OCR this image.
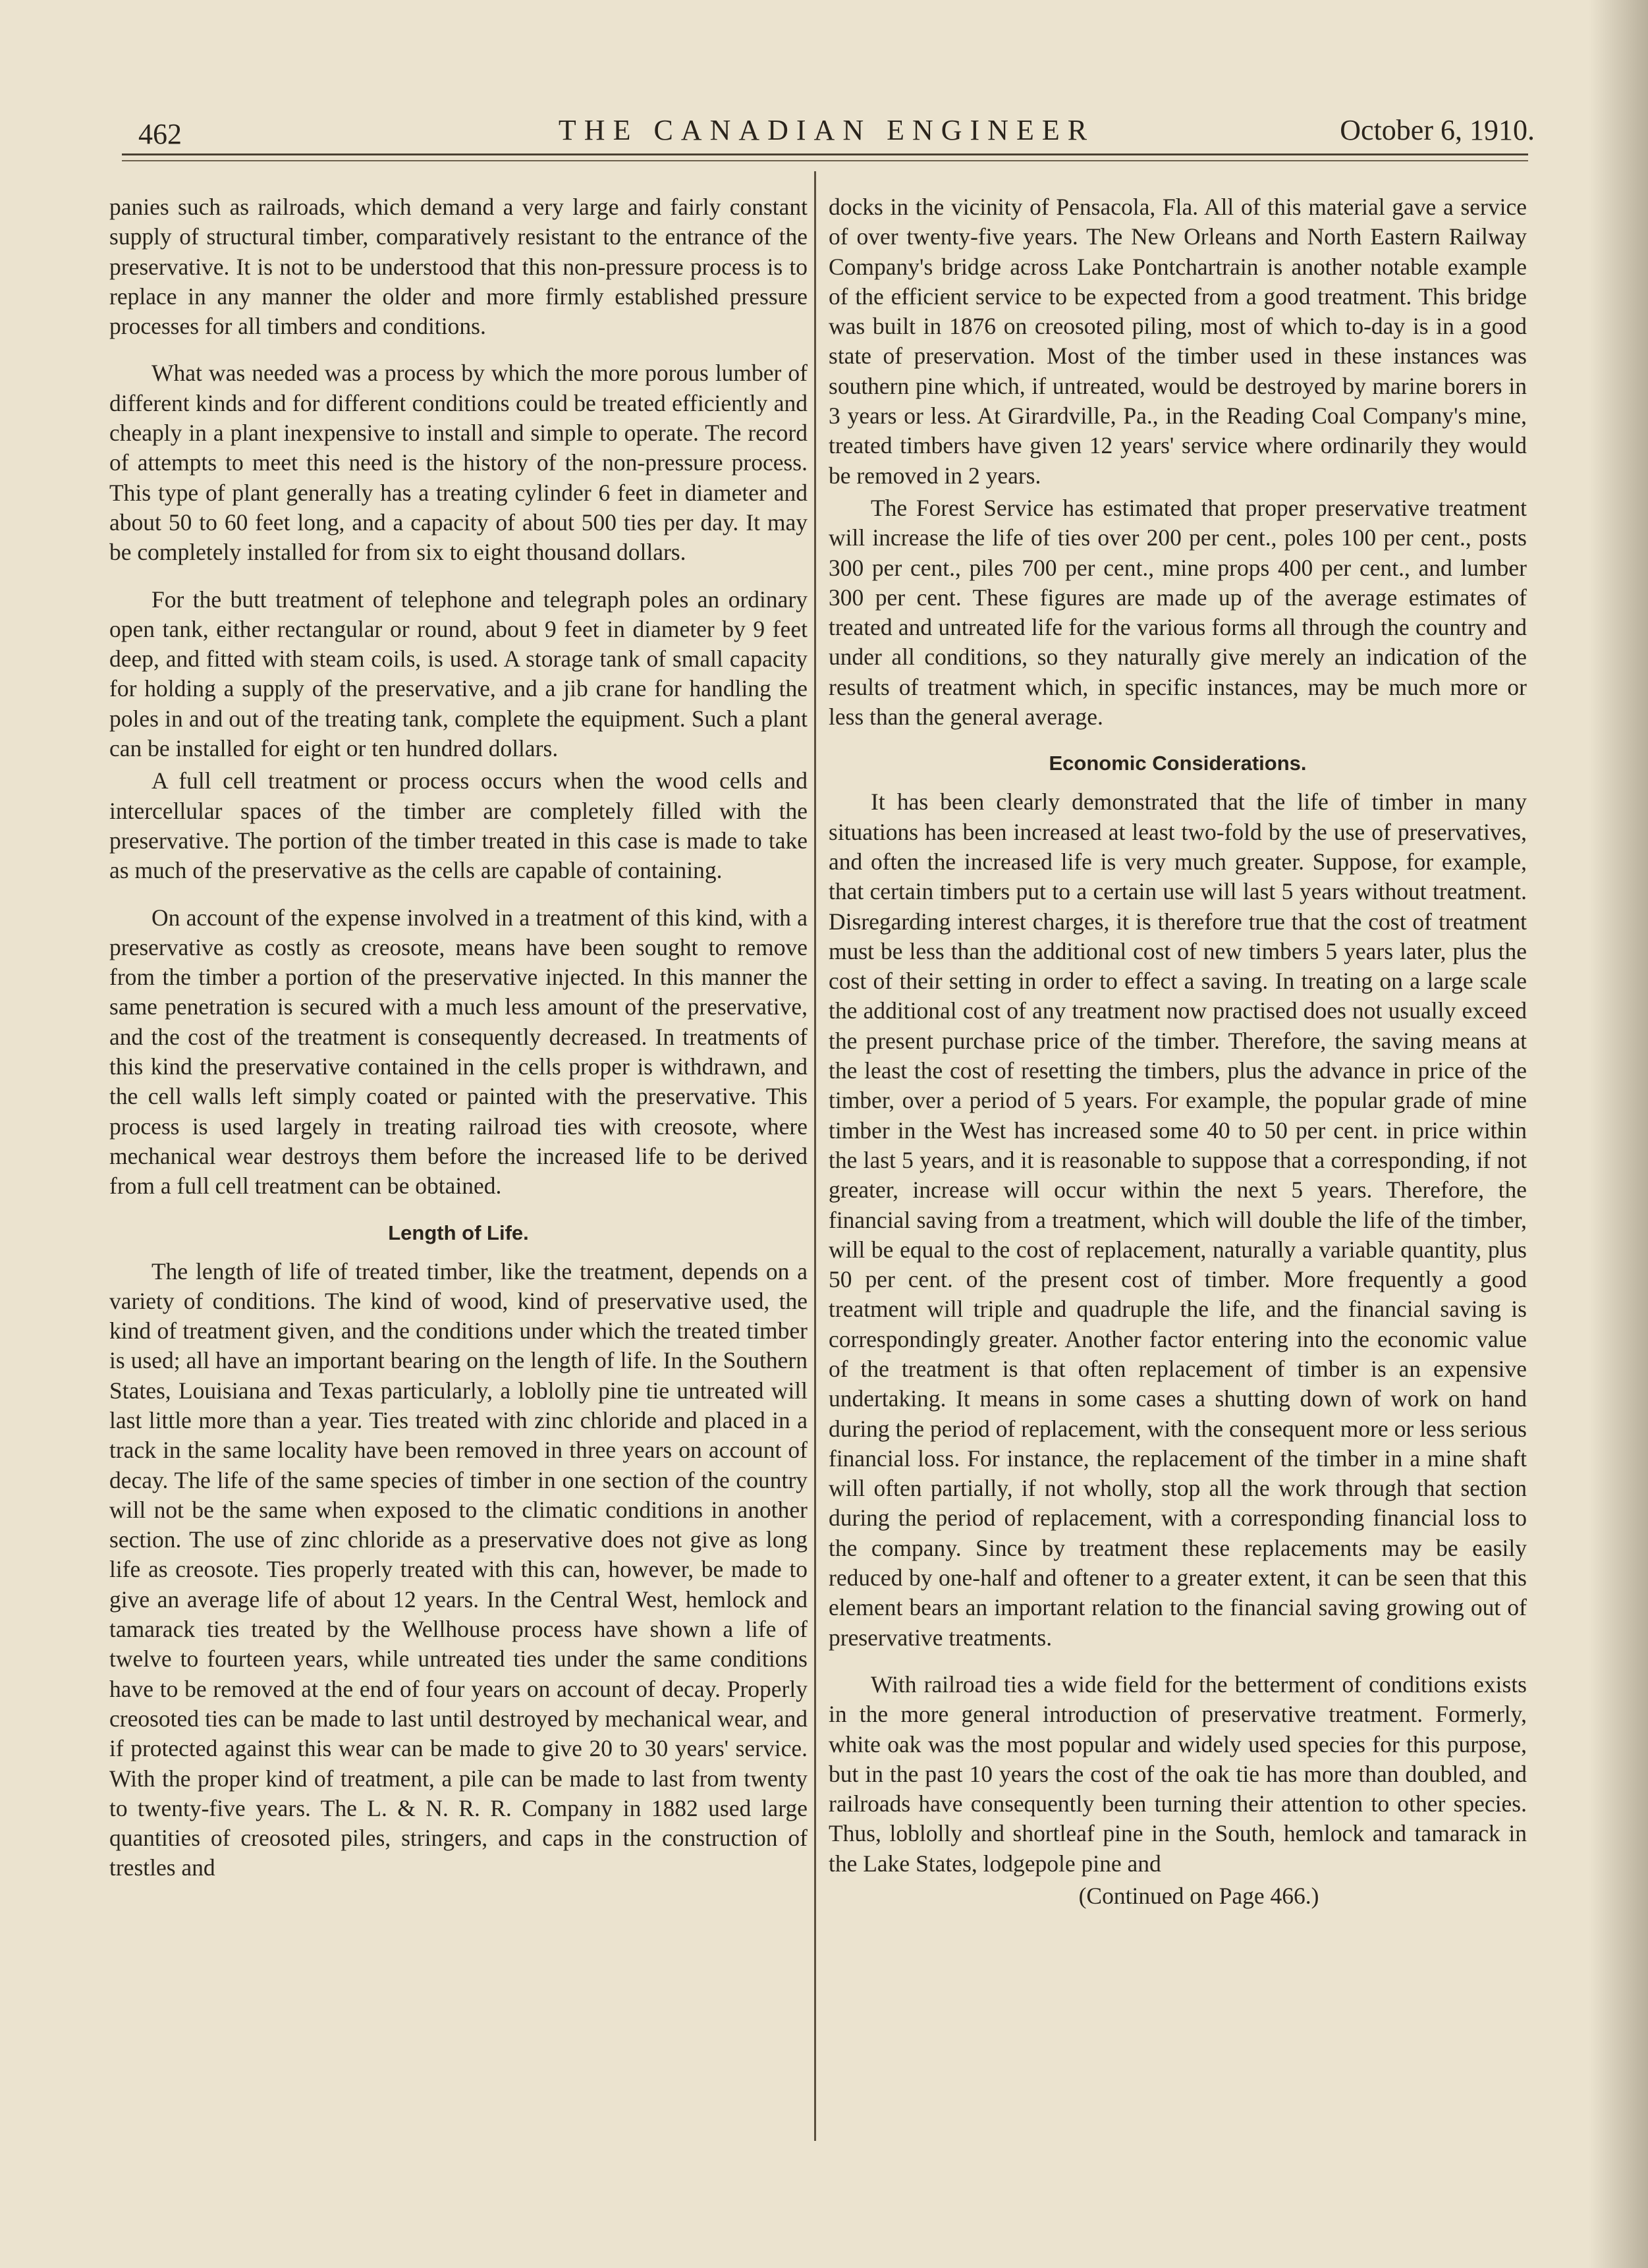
462	THE CANADIAN ENGINEER	October 6, 1910.

panies such as railroads, which demand a very large and fairly constant supply of structural timber, comparatively resistant to the entrance of the preservative. It is not to be understood that this non-pressure process is to replace in any manner the older and more firmly established pressure processes for all timbers and conditions.

What was needed was a process by which the more porous lumber of different kinds and for different conditions could be treated efficiently and cheaply in a plant inexpensive to install and simple to operate. The record of attempts to meet this need is the history of the non-pressure process. This type of plant generally has a treating cylinder 6 feet in diameter and about 50 to 60 feet long, and a capacity of about 500 ties per day. It may be completely installed for from six to eight thousand dollars.

For the butt treatment of telephone and telegraph poles an ordinary open tank, either rectangular or round, about 9 feet in diameter by 9 feet deep, and fitted with steam coils, is used. A storage tank of small capacity for holding a supply of the preservative, and a jib crane for handling the poles in and out of the treating tank, complete the equipment. Such a plant can be installed for eight or ten hundred dollars.

A full cell treatment or process occurs when the wood cells and intercellular spaces of the timber are completely filled with the preservative. The portion of the timber treated in this case is made to take as much of the preservative as the cells are capable of containing.

On account of the expense involved in a treatment of this kind, with a preservative as costly as creosote, means have been sought to remove from the timber a portion of the preservative injected. In this manner the same penetration is secured with a much less amount of the preservative, and the cost of the treatment is consequently decreased. In treatments of this kind the preservative contained in the cells proper is withdrawn, and the cell walls left simply coated or painted with the preservative. This process is used largely in treating railroad ties with creosote, where mechanical wear destroys them before the increased life to be derived from a full cell treatment can be obtained.

Length of Life.

The length of life of treated timber, like the treatment, depends on a variety of conditions. The kind of wood, kind of preservative used, the kind of treatment given, and the conditions under which the treated timber is used; all have an important bearing on the length of life. In the Southern States, Louisiana and Texas particularly, a loblolly pine tie untreated will last little more than a year. Ties treated with zinc chloride and placed in a track in the same locality have been removed in three years on account of decay. The life of the same species of timber in one section of the country will not be the same when exposed to the climatic conditions in another section. The use of zinc chloride as a preservative does not give as long life as creosote. Ties properly treated with this can, however, be made to give an average life of about 12 years. In the Central West, hemlock and tamarack ties treated by the Wellhouse process have shown a life of twelve to fourteen years, while untreated ties under the same conditions have to be removed at the end of four years on account of decay. Properly creosoted ties can be made to last until destroyed by mechanical wear, and if protected against this wear can be made to give 20 to 30 years' service. With the proper kind of treatment, a pile can be made to last from twenty to twenty-five years. The L. & N. R. R. Company in 1882 used large quantities of creosoted piles, stringers, and caps in the construction of trestles and

docks in the vicinity of Pensacola, Fla. All of this material gave a service of over twenty-five years. The New Orleans and North Eastern Railway Company's bridge across Lake Pontchartrain is another notable example of the efficient service to be expected from a good treatment. This bridge was built in 1876 on creosoted piling, most of which to-day is in a good state of preservation. Most of the timber used in these instances was southern pine which, if untreated, would be destroyed by marine borers in 3 years or less. At Girardville, Pa., in the Reading Coal Company's mine, treated timbers have given 12 years' service where ordinarily they would be removed in 2 years.

The Forest Service has estimated that proper preservative treatment will increase the life of ties over 200 per cent., poles 100 per cent., posts 300 per cent., piles 700 per cent., mine props 400 per cent., and lumber 300 per cent. These figures are made up of the average estimates of treated and untreated life for the various forms all through the country and under all conditions, so they naturally give merely an indication of the results of treatment which, in specific instances, may be much more or less than the general average.

Economic Considerations.

It has been clearly demonstrated that the life of timber in many situations has been increased at least two-fold by the use of preservatives, and often the increased life is very much greater. Suppose, for example, that certain timbers put to a certain use will last 5 years without treatment. Disregarding interest charges, it is therefore true that the cost of treatment must be less than the additional cost of new timbers 5 years later, plus the cost of their setting in order to effect a saving. In treating on a large scale the additional cost of any treatment now practised does not usually exceed the present purchase price of the timber. Therefore, the saving means at the least the cost of resetting the timbers, plus the advance in price of the timber, over a period of 5 years. For example, the popular grade of mine timber in the West has increased some 40 to 50 per cent. in price within the last 5 years, and it is reasonable to suppose that a corresponding, if not greater, increase will occur within the next 5 years. Therefore, the financial saving from a treatment, which will double the life of the timber, will be equal to the cost of replacement, naturally a variable quantity, plus 50 per cent. of the present cost of timber. More frequently a good treatment will triple and quadruple the life, and the financial saving is correspondingly greater. Another factor entering into the economic value of the treatment is that often replacement of timber is an expensive undertaking. It means in some cases a shutting down of work on hand during the period of replacement, with the consequent more or less serious financial loss. For instance, the replacement of the timber in a mine shaft will often partially, if not wholly, stop all the work through that section during the period of replacement, with a corresponding financial loss to the company. Since by treatment these replacements may be easily reduced by one-half and oftener to a greater extent, it can be seen that this element bears an important relation to the financial saving growing out of preservative treatments.

With railroad ties a wide field for the betterment of conditions exists in the more general introduction of preservative treatment. Formerly, white oak was the most popular and widely used species for this purpose, but in the past 10 years the cost of the oak tie has more than doubled, and railroads have consequently been turning their attention to other species. Thus, loblolly and shortleaf pine in the South, hemlock and tamarack in the Lake States, lodgepole pine and

(Continued on Page 466.)
